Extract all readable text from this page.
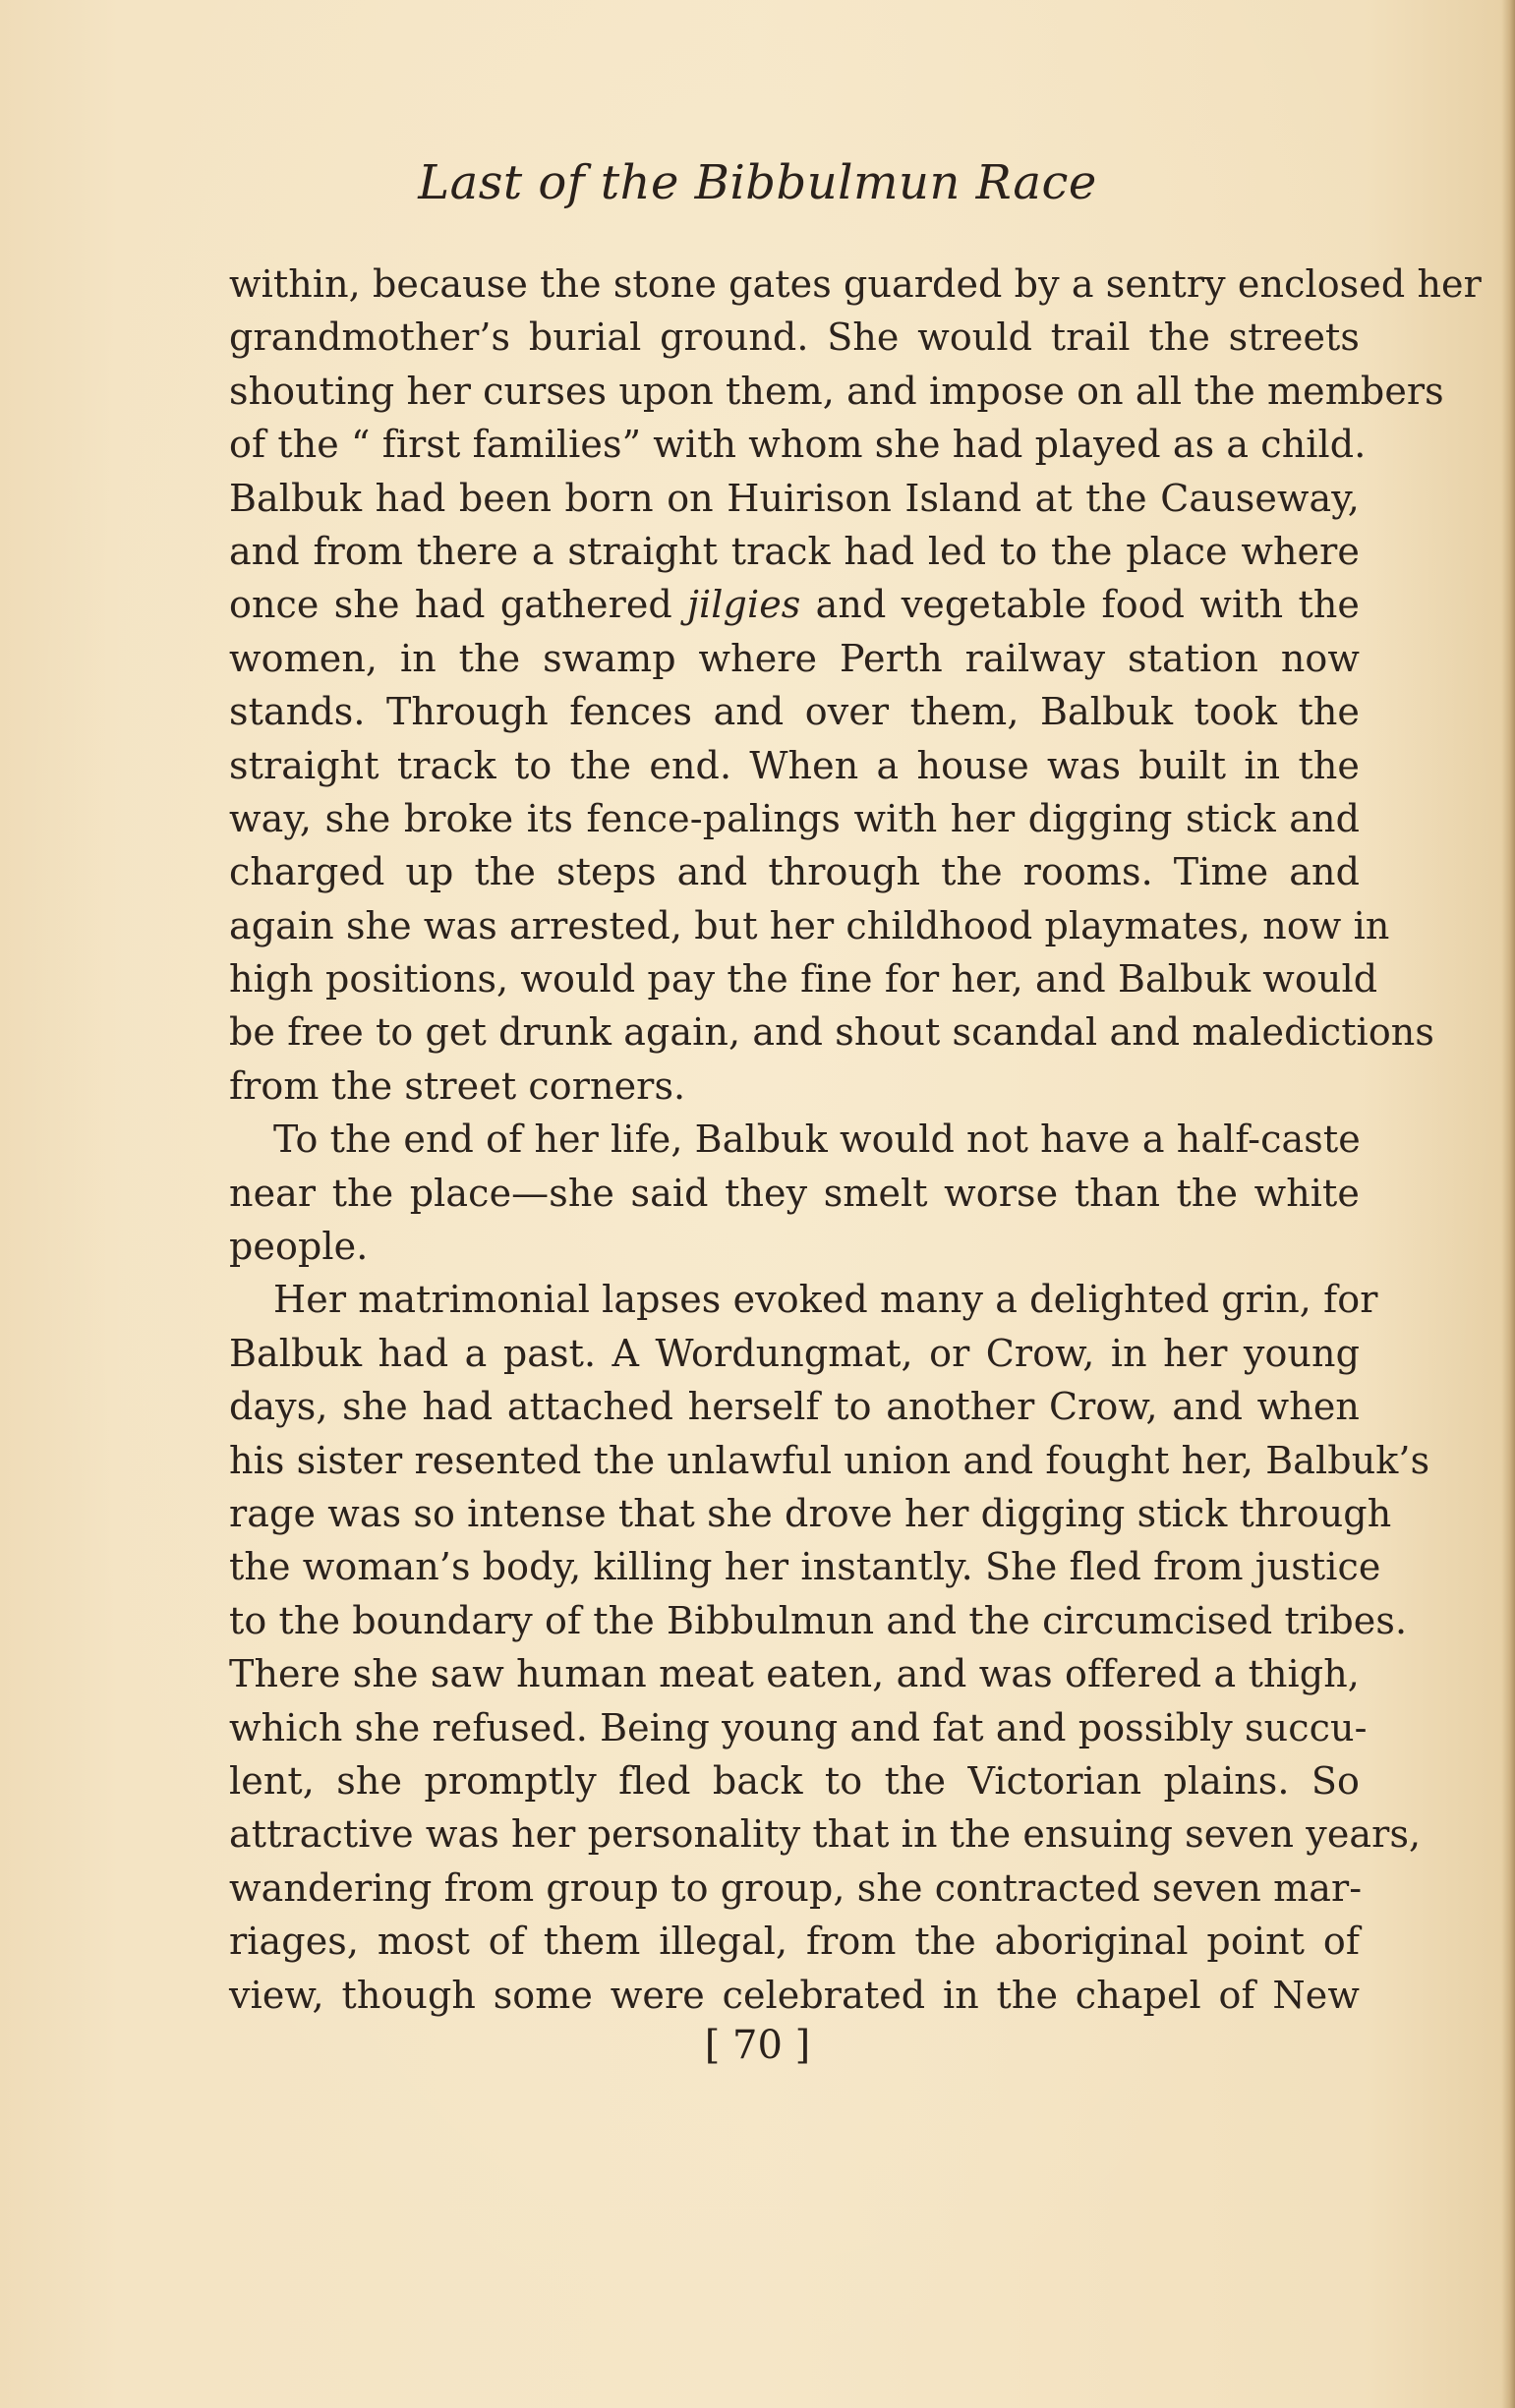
Last of the Bibbulmun Race
within, because the stone gates guarded by a sentry enclosed her
grandmother’s burial ground. She would trail the streets
shouting her curses upon them, and impose on all the members
of the “ first families” with whom she had played as a child.
Balbuk had been born on Huirison Island at the Causeway,
and from there a straight track had led to the place where
once she had gathered jilgies and vegetable food with the
women, in the swamp where Perth railway station now
stands. Through fences and over them, Balbuk took the
straight track to the end. When a house was built in the
way, she broke its fence-palings with her digging stick and
charged up the steps and through the rooms. Time and
again she was arrested, but her childhood playmates, now in
high positions, would pay the fine for her, and Balbuk would
be free to get drunk again, and shout scandal and maledictions
from the street corners.
To the end of her life, Balbuk would not have a half-caste
near the place—she said they smelt worse than the white
people.
Her matrimonial lapses evoked many a delighted grin, for
Balbuk had a past. A Wordungmat, or Crow, in her young
days, she had attached herself to another Crow, and when
his sister resented the unlawful union and fought her, Balbuk’s
rage was so intense that she drove her digging stick through
the woman’s body, killing her instantly. She fled from justice
to the boundary of the Bibbulmun and the circumcised tribes.
There she saw human meat eaten, and was offered a thigh,
which she refused. Being young and fat and possibly succu-
lent, she promptly fled back to the Victorian plains. So
attractive was her personality that in the ensuing seven years,
wandering from group to group, she contracted seven mar-
riages, most of them illegal, from the aboriginal point of
view, though some were celebrated in the chapel of New
[ 70 ]
